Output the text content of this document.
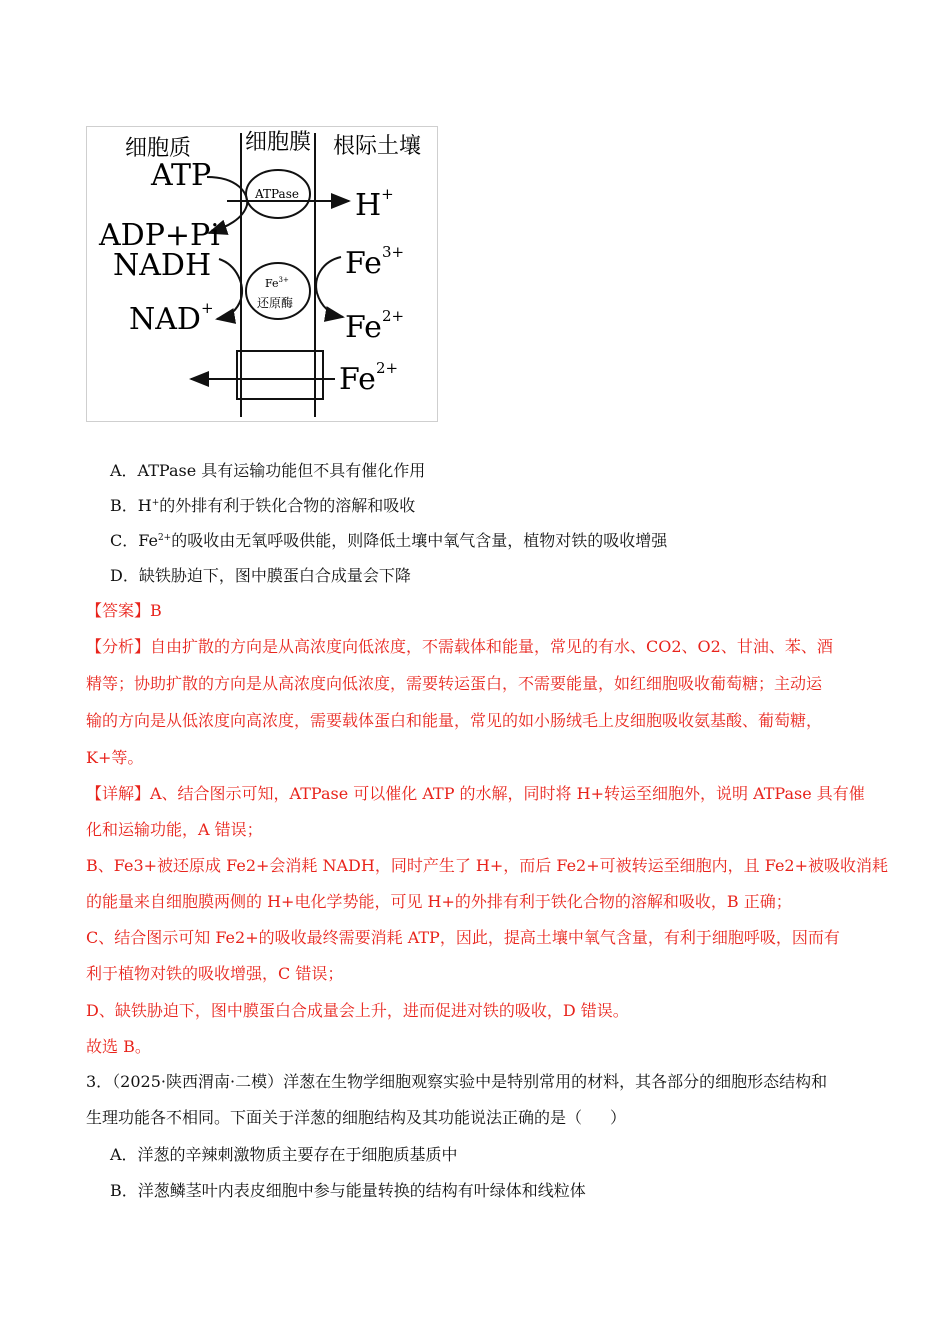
细胞质 细胞膜 根际土壤
ATPase H+
ATP
ADP+Pi
$Fe^{3+}$
还原酶
NADH
NAD+
$Fe^{3+}$
$Fe^{2+}$
$Fe^{2+}$
A．ATPase 具有运输功能但不具有催化作用
B．H+的外排有利于铁化合物的溶解和吸收
C．$Fe^{2+}$的吸收由无氧呼吸供能，则降低土壤中氧气含量，植物对铁的吸收增强
D．缺铁胁迫下，图中膜蛋白合成量会下降
【答案】B
【分析】自由扩散的方向是从高浓度向低浓度，不需载体和能量，常见的有水、CO2、O2、甘油、苯、酒
精等；协助扩散的方向是从高浓度向低浓度，需要转运蛋白，不需要能量，如红细胞吸收葡萄糖；主动运
输的方向是从低浓度向高浓度，需要载体蛋白和能量，常见的如小肠绒毛上皮细胞吸收氨基酸、葡萄糖，
K+等。
【详解】A、结合图示可知，ATPase 可以催化 ATP 的水解，同时将 H+转运至细胞外，说明 ATPase 具有催
化和运输功能，A 错误；
B、Fe3+被还原成 Fe2+会消耗 NADH，同时产生了 H+，而后 Fe2+可被转运至细胞内，且 Fe2+被吸收消耗
的能量来自细胞膜两侧的 H+电化学势能，可见 H+的外排有利于铁化合物的溶解和吸收，B 正确；
C、结合图示可知 Fe2+的吸收最终需要消耗 ATP，因此，提高土壤中氧气含量，有利于细胞呼吸，因而有
利于植物对铁的吸收增强，C 错误；
D、缺铁胁迫下，图中膜蛋白合成量会上升，进而促进对铁的吸收，D 错误。
故选 B。
3．（2025·陕西渭南·二模）洋葱在生物学细胞观察实验中是特别常用的材料，其各部分的细胞形态结构和
生理功能各不相同。下面关于洋葱的细胞结构及其功能说法正确的是（ ）
A．洋葱的辛辣刺激物质主要存在于细胞质基质中
B．洋葱鳞茎叶内表皮细胞中参与能量转换的结构有叶绿体和线粒体
